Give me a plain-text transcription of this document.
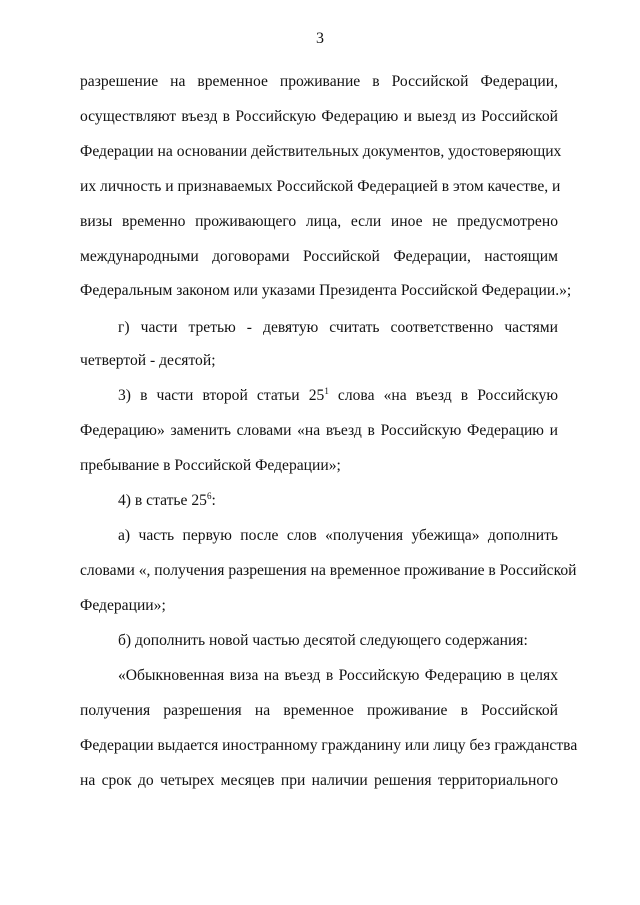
3
разрешение на временное проживание в Российской Федерации,
осуществляют въезд в Российскую Федерацию и выезд из Российской
Федерации на основании действительных документов, удостоверяющих
их личность и признаваемых Российской Федерацией в этом качестве, и
визы временно проживающего лица, если иное не предусмотрено
международными договорами Российской Федерации, настоящим
Федеральным законом или указами Президента Российской Федерации.»;
г) части третью - девятую считать соответственно частями
четвертой - десятой;
3) в части второй статьи $25^1$ слова «на въезд в Российскую
Федерацию» заменить словами «на въезд в Российскую Федерацию и
пребывание в Российской Федерации»;
4) в статье $25^6$:
а) часть первую после слов «получения убежища» дополнить
словами «, получения разрешения на временное проживание в Российской
Федерации»;
б) дополнить новой частью десятой следующего содержания:
«Обыкновенная виза на въезд в Российскую Федерацию в целях
получения разрешения на временное проживание в Российской
Федерации выдается иностранному гражданину или лицу без гражданства
на срок до четырех месяцев при наличии решения территориального
